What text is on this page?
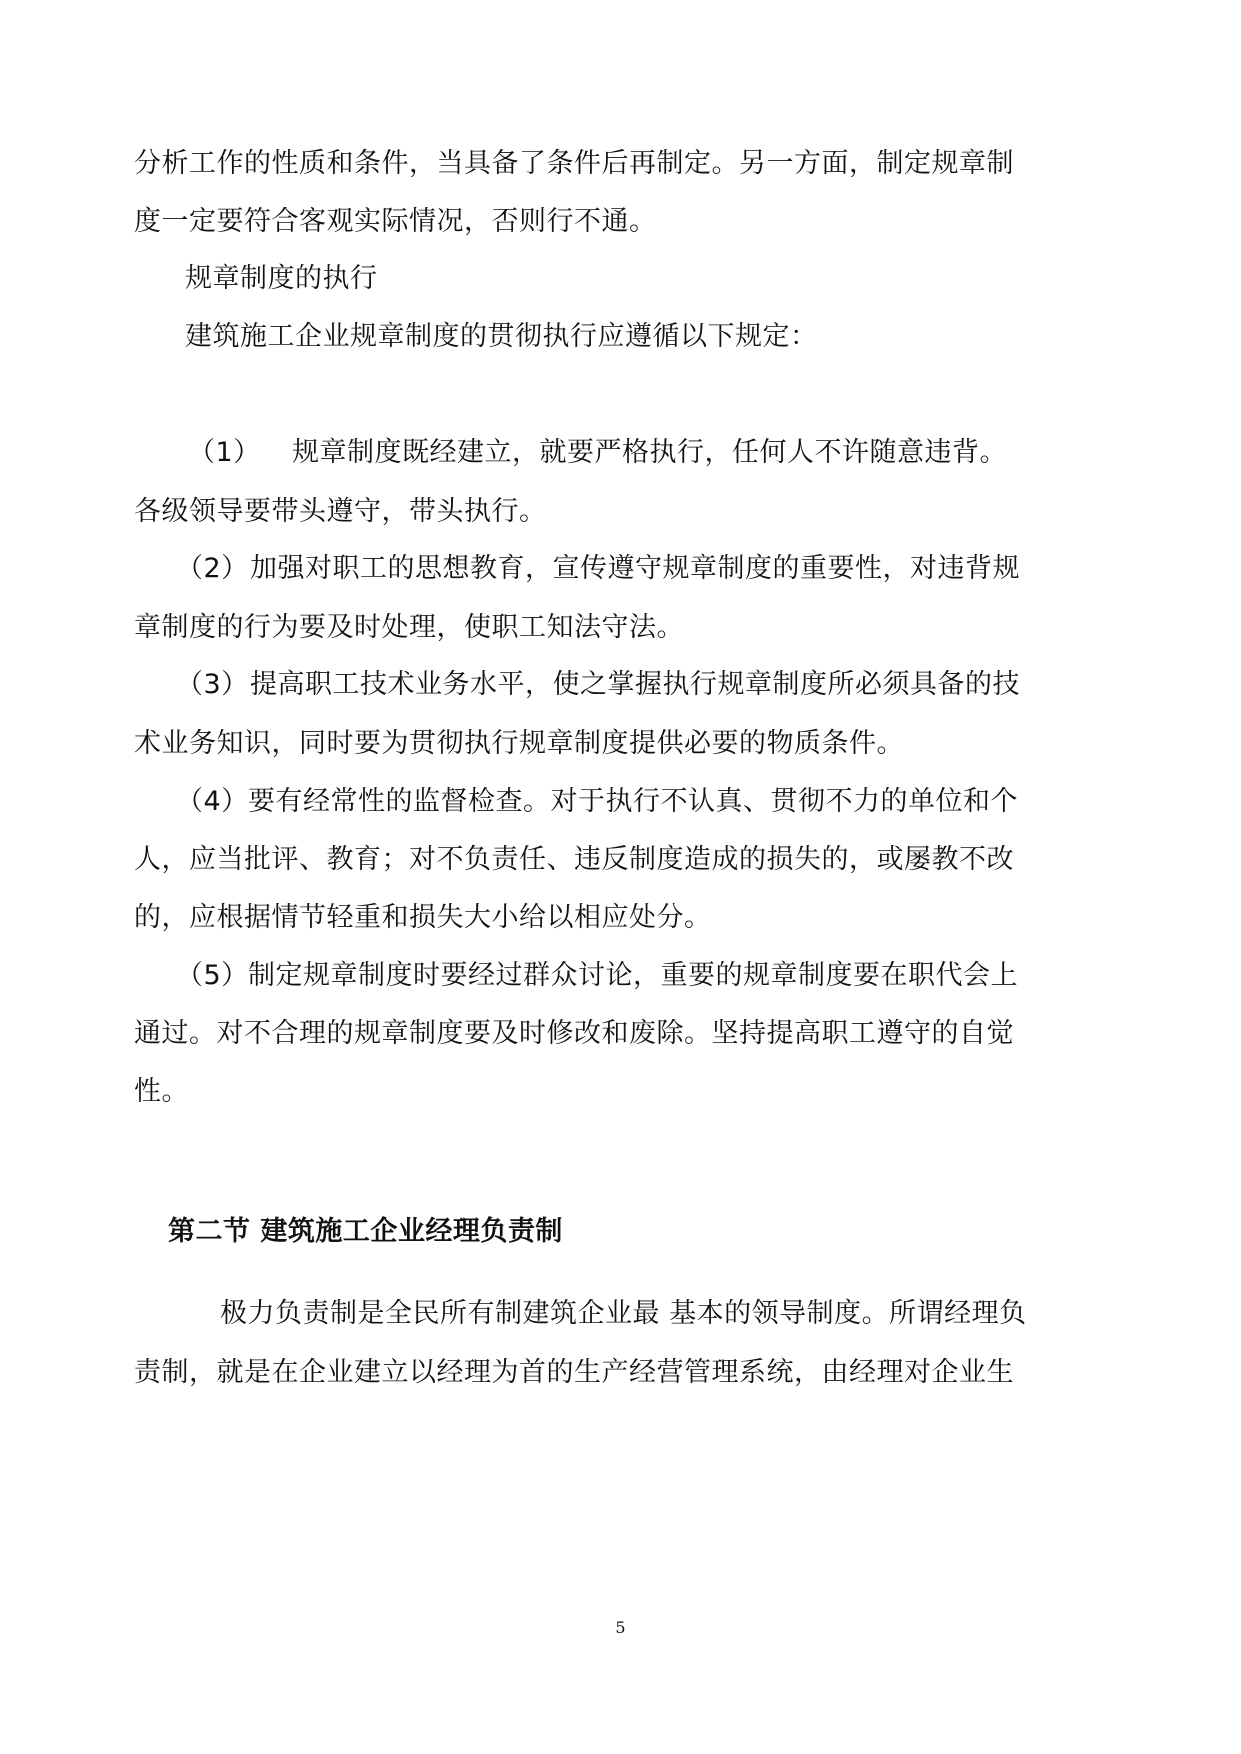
分析工作的性质和条件，当具备了条件后再制定。另一方面，制定规章制
度一定要符合客观实际情况，否则行不通。
规章制度的执行
建筑施工企业规章制度的贯彻执行应遵循以下规定：
（1） 规章制度既经建立，就要严格执行，任何人不许随意违背。
各级领导要带头遵守，带头执行。
（2）加强对职工的思想教育，宣传遵守规章制度的重要性，对违背规
章制度的行为要及时处理，使职工知法守法。
（3）提高职工技术业务水平，使之掌握执行规章制度所必须具备的技
术业务知识，同时要为贯彻执行规章制度提供必要的物质条件。
（4）要有经常性的监督检查。对于执行不认真、贯彻不力的单位和个
人，应当批评、教育；对不负责任、违反制度造成的损失的，或屡教不改
的，应根据情节轻重和损失大小给以相应处分。
（5）制定规章制度时要经过群众讨论，重要的规章制度要在职代会上
通过。对不合理的规章制度要及时修改和废除。坚持提高职工遵守的自觉
性。
第二节 建筑施工企业经理负责制
极力负责制是全民所有制建筑企业最 基本的领导制度。所谓经理负
责制，就是在企业建立以经理为首的生产经营管理系统，由经理对企业生
5
